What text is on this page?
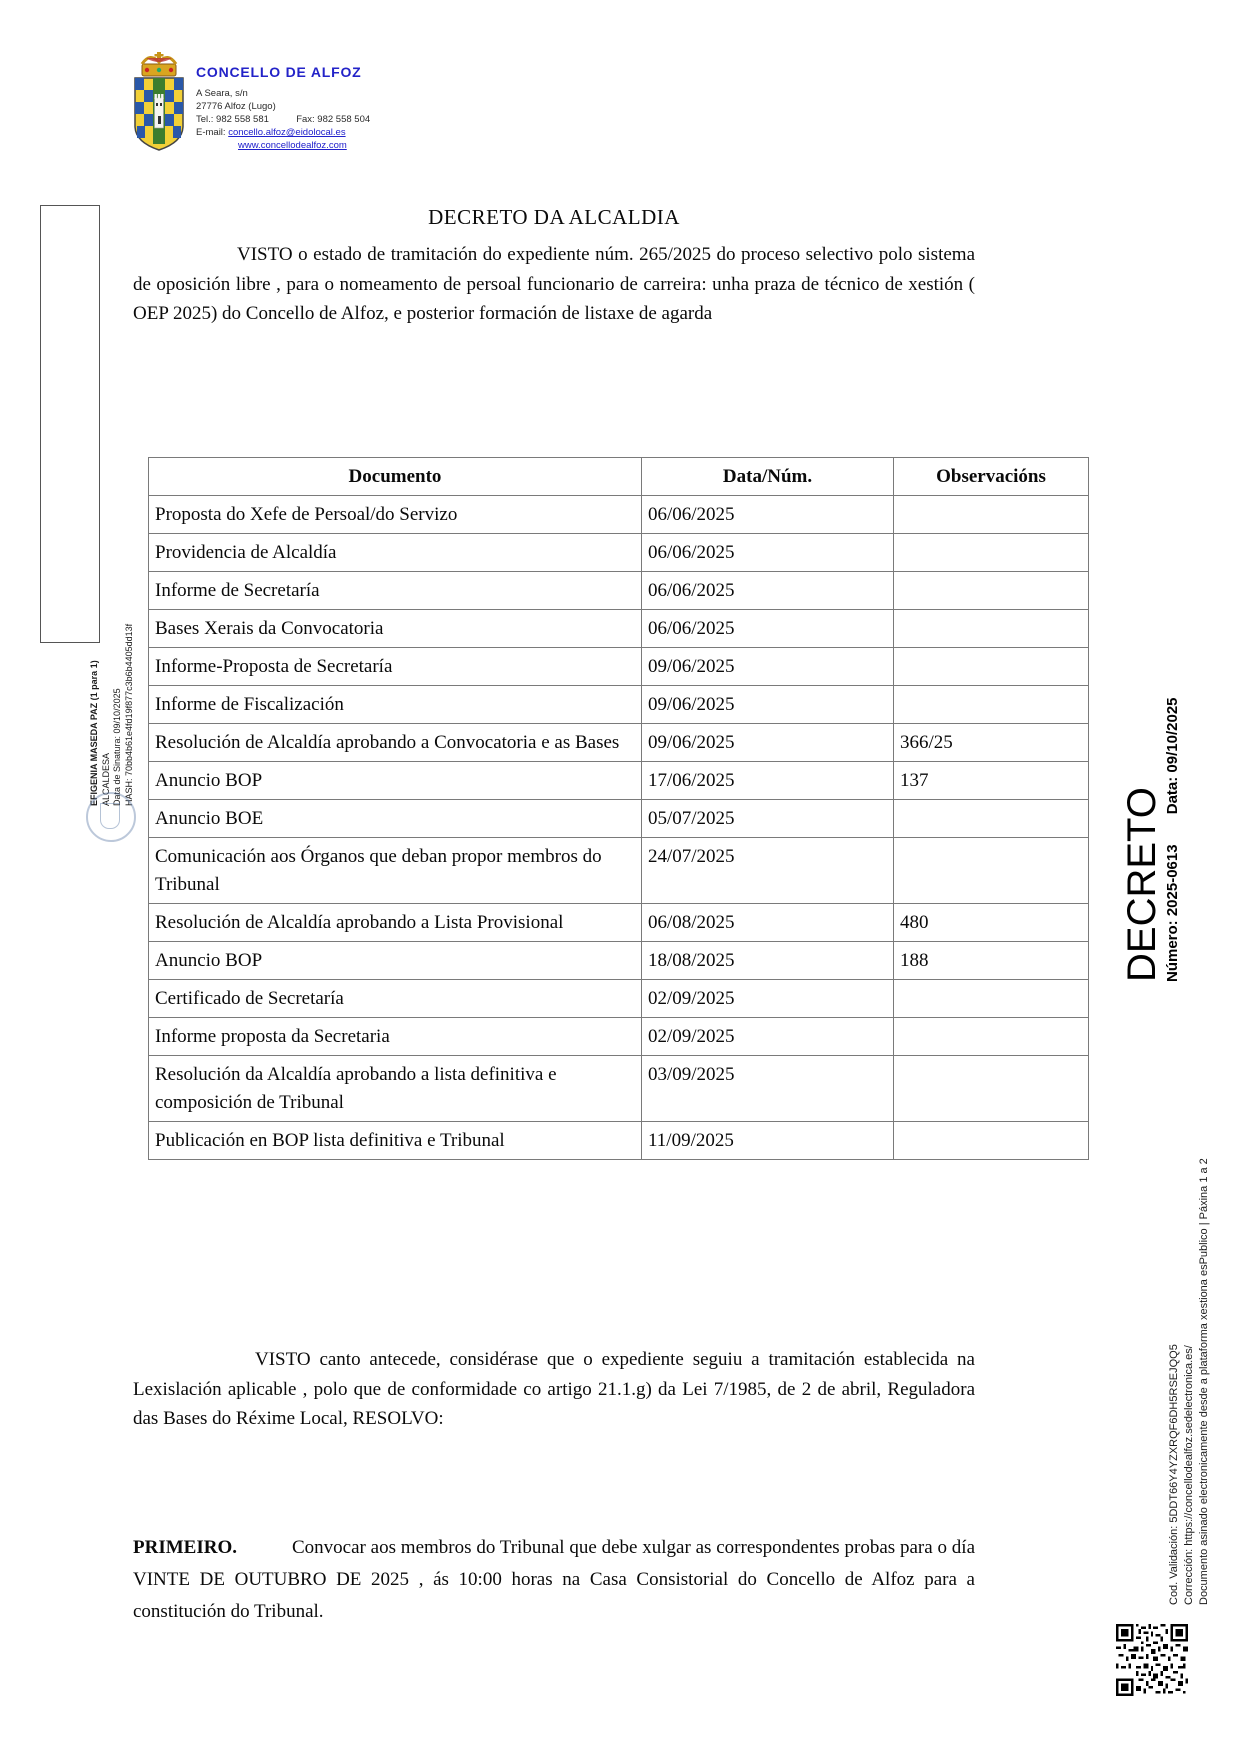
CONCELLO DE ALFOZ
A Seara, s/n
27776 Alfoz (Lugo)
Tel.: 982 558 581	Fax: 982 558 504
E-mail: concello.alfoz@eidolocal.es
www.concellodealfoz.com
EFIGENIA MASEDA PAZ (1 para 1) ALCALDESA Data de Sinatura: 09/10/2025 HASH: 70bb4b61e4fd19f877c3b6b4405dd13f
DECRETO DA ALCALDIA
VISTO o estado de tramitación do expediente núm. 265/2025 do proceso selectivo polo sistema de oposición libre , para o nomeamento de persoal funcionario de carreira: unha praza de técnico de xestión ( OEP 2025) do Concello de Alfoz, e posterior formación de listaxe de agarda
Documento	Data/Núm.	Observacións
Proposta do Xefe de Persoal/do Servizo	06/06/2025	
Providencia de Alcaldía	06/06/2025	
Informe de Secretaría	06/06/2025	
Bases Xerais da Convocatoria	06/06/2025	
Informe-Proposta de Secretaría	09/06/2025	
Informe de Fiscalización	09/06/2025	
Resolución de Alcaldía aprobando a Convocatoria e as Bases	09/06/2025	366/25
Anuncio BOP	17/06/2025	137
Anuncio BOE	05/07/2025	
Comunicación aos Órganos que deban propor membros do Tribunal	24/07/2025	
Resolución de Alcaldía aprobando a Lista Provisional	06/08/2025	480
Anuncio BOP	18/08/2025	188
Certificado de Secretaría	02/09/2025	
Informe proposta da Secretaria	02/09/2025	
Resolución da Alcaldía aprobando a lista definitiva e composición de Tribunal	03/09/2025	
Publicación en BOP lista definitiva e Tribunal	11/09/2025	
VISTO canto antecede, considérase que o expediente seguiu a tramitación establecida na Lexislación aplicable , polo que de conformidade co artigo 21.1.g) da Lei 7/1985, de 2 de abril, Reguladora das Bases do Réxime Local, RESOLVO:
PRIMEIRO.	Convocar aos membros do Tribunal que debe xulgar as correspondentes probas para o día VINTE DE OUTUBRO DE 2025 , ás 10:00 horas na Casa Consistorial do Concello de Alfoz para a constitución do Tribunal.
DECRETO Número: 2025-0613 Data: 09/10/2025
Cod. Validación: 5DDT66Y4YZXRQF6DH5RSEJQQ5 Corrección: https://concellodealfoz.sedelectronica.es/ Documento asinado electronicamente desde a plataforma xestiona esPublico | Páxina 1 a 2
